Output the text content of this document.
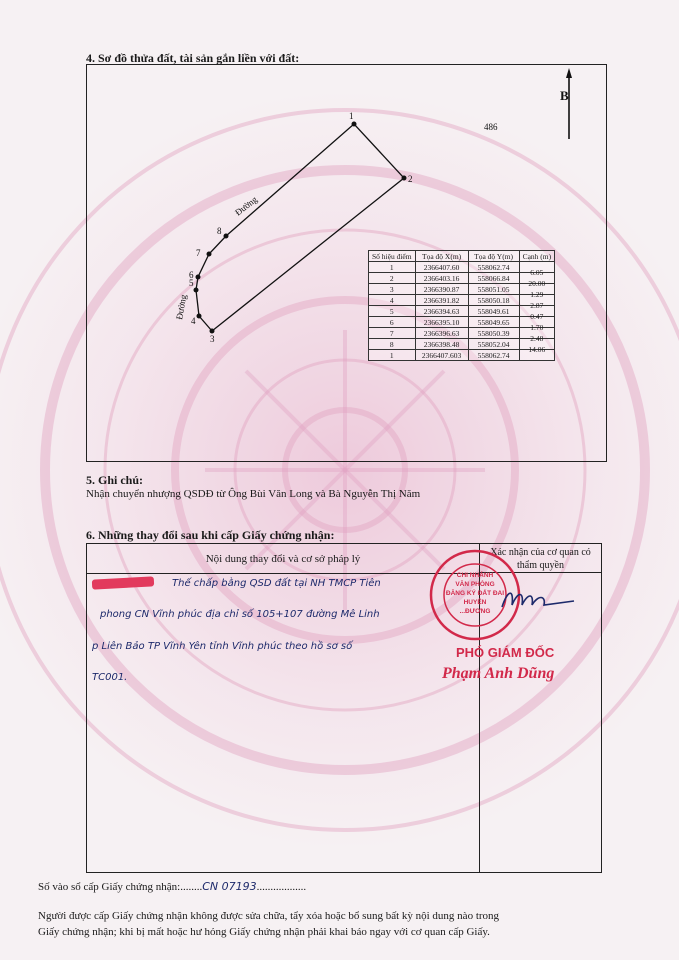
4. Sơ đồ thửa đất, tài sản gắn liền với đất:
1
2
3
4
5
6
7
8
486
B
Đường
Đường
Số hiệu điểm	Tọa độ X(m)	Tọa độ Y(m)	Cạnh (m)
1	2366407.60	558062.74	6.05
2	2366403.16	558066.84	20.00
3	2366390.87	558051.05	1.29
4	2366391.82	558050.18	2.87
5	2366394.63	558049.61	0.47
6	2366395.10	558049.65	1.70
7	2366396.63	558050.39	2.48
8	2366398.48	558052.04	14.06
1	2366407.603	558062.74	
5. Ghi chú:
Nhận chuyển nhượng QSDĐ từ Ông Bùi Văn Long và Bà Nguyễn Thị Năm
6. Những thay đổi sau khi cấp Giấy chứng nhận:
Nội dung thay đổi và cơ sở pháp lý	Xác nhận của cơ quan có thẩm quyền
Thế chấp bằng QSD đất tại NH TMCP Tiên
phong CN Vĩnh phúc địa chỉ số 105+107 đường Mê Linh
p Liên Bảo TP Vĩnh Yên tỉnh Vĩnh phúc theo hồ sơ số
TC001.
CHI NHÁNH
VĂN PHÒNG
ĐĂNG KÝ ĐẤT ĐAI
HUYỆN
...ĐƯƠNG
PHÓ GIÁM ĐỐC
Phạm Anh Dũng
Số vào sổ cấp Giấy chứng nhận:........CN 07193..................
Người được cấp Giấy chứng nhận không được sửa chữa, tẩy xóa hoặc bổ sung bất kỳ nội dung nào trong
Giấy chứng nhận; khi bị mất hoặc hư hỏng Giấy chứng nhận phải khai báo ngay với cơ quan cấp Giấy.
